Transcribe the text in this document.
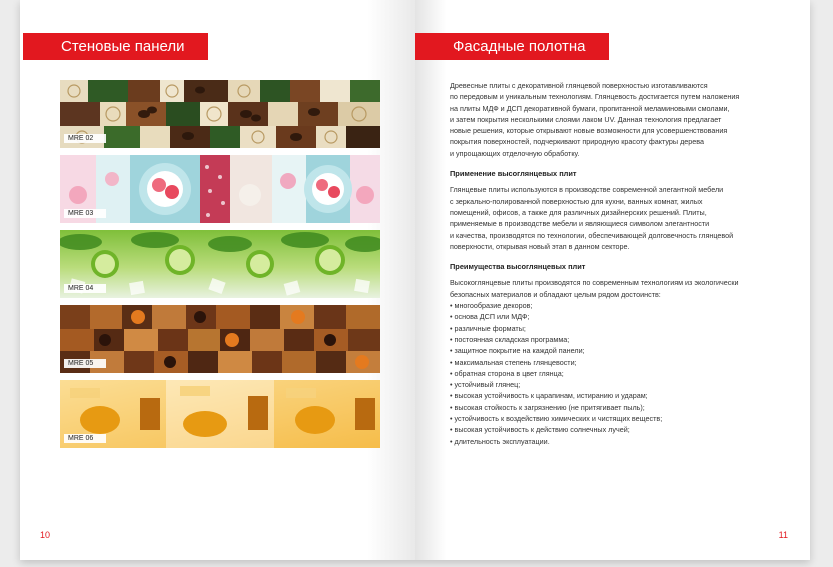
Стеновые панели
MRE 02
MRE 03
MRE 04
MRE 05
MRE 06
10
Фасадные полотна

Древесные плиты с декоративной глянцевой поверхностью изготавливаются
по передовым и уникальным технологиям. Глянцевость достигается путем наложения
на плиты МДФ и ДСП декоративной бумаги, пропитанной меламиновыми смолами,
и затем покрытия несколькими слоями лаком UV. Данная технология предлагает
новые решения, которые открывают новые возможности для усовершенствования
покрытия поверхностей, подчеркивают природную красоту фактуры дерева
и упрощающих отделочную обработку.

Применение высоглянцевых плит

Глянцевые плиты используются в производстве современной элегантной мебели
с зеркально-полированной поверхностью для кухни, ванных комнат, жилых
помещений, офисов, а также для различных дизайнерских решений. Плиты,
применяемые в производстве мебели и являющиеся символом элегантности
и качества, производятся по технологии, обеспечивающей долговечность глянцевой
поверхности, открывая новый этап в данном секторе.

Преимущества высоглянцевых плит

Высокоглянцевые плиты производятся по современным технологиям из экологически
безопасных материалов и обладают целым рядом достоинств:

• многообразие декоров;
• основа ДСП или МДФ;
• различные форматы;
• постоянная складская программа;
• защитное покрытие на каждой панели;
• максимальная степень глянцевости;
• обратная сторона в цвет глянца;
• устойчивый глянец;
• высокая устойчивость к царапинам, истиранию и ударам;
• высокая стойкость к загрязнению (не притягивает пыль);
• устойчивость к воздействию химических и чистящих веществ;
• высокая устойчивость к действию солнечных лучей;
• длительность эксплуатации.
11
